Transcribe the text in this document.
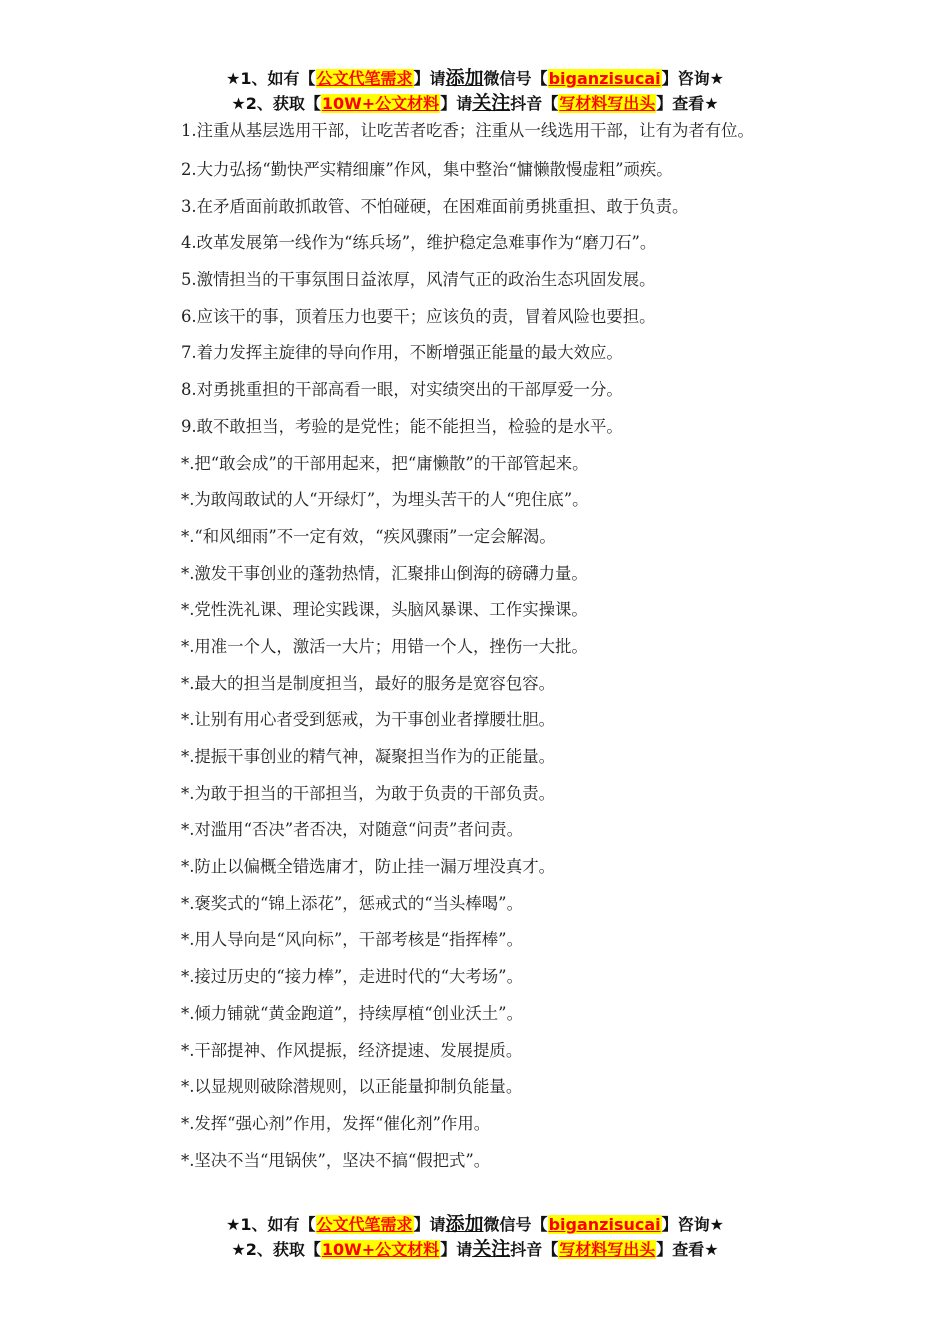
★1、如有【公文代笔需求】请添加微信号【biganzisucai】咨询★
★2、获取【10W+公文材料】请关注抖音【写材料写出头】查看★
1.注重从基层选用干部，让吃苦者吃香；注重从一线选用干部，让有为者有位。
2.大力弘扬“勤快严实精细廉”作风，集中整治“慵懒散慢虚粗”顽疾。
3.在矛盾面前敢抓敢管、不怕碰硬，在困难面前勇挑重担、敢于负责。
4.改革发展第一线作为“练兵场”，维护稳定急难事作为“磨刀石”。
5.激情担当的干事氛围日益浓厚，风清气正的政治生态巩固发展。
6.应该干的事，顶着压力也要干；应该负的责，冒着风险也要担。
7.着力发挥主旋律的导向作用，不断增强正能量的最大效应。
8.对勇挑重担的干部高看一眼，对实绩突出的干部厚爱一分。
9.敢不敢担当，考验的是党性；能不能担当，检验的是水平。
*.把“敢会成”的干部用起来，把“庸懒散”的干部管起来。
*.为敢闯敢试的人“开绿灯”，为埋头苦干的人“兜住底”。
*.“和风细雨”不一定有效，“疾风骤雨”一定会解渴。
*.激发干事创业的蓬勃热情，汇聚排山倒海的磅礴力量。
*.党性洗礼课、理论实践课，头脑风暴课、工作实操课。
*.用准一个人，激活一大片；用错一个人，挫伤一大批。
*.最大的担当是制度担当，最好的服务是宽容包容。
*.让别有用心者受到惩戒，为干事创业者撑腰壮胆。
*.提振干事创业的精气神，凝聚担当作为的正能量。
*.为敢于担当的干部担当，为敢于负责的干部负责。
*.对滥用“否决”者否决，对随意“问责”者问责。
*.防止以偏概全错选庸才，防止挂一漏万埋没真才。
*.褒奖式的“锦上添花”，惩戒式的“当头棒喝”。
*.用人导向是“风向标”，干部考核是“指挥棒”。
*.接过历史的“接力棒”，走进时代的“大考场”。
*.倾力铺就“黄金跑道”，持续厚植“创业沃土”。
*.干部提神、作风提振，经济提速、发展提质。
*.以显规则破除潜规则，以正能量抑制负能量。
*.发挥“强心剂”作用，发挥“催化剂”作用。
*.坚决不当“甩锅侠”，坚决不搞“假把式”。
★1、如有【公文代笔需求】请添加微信号【biganzisucai】咨询★
★2、获取【10W+公文材料】请关注抖音【写材料写出头】查看★
